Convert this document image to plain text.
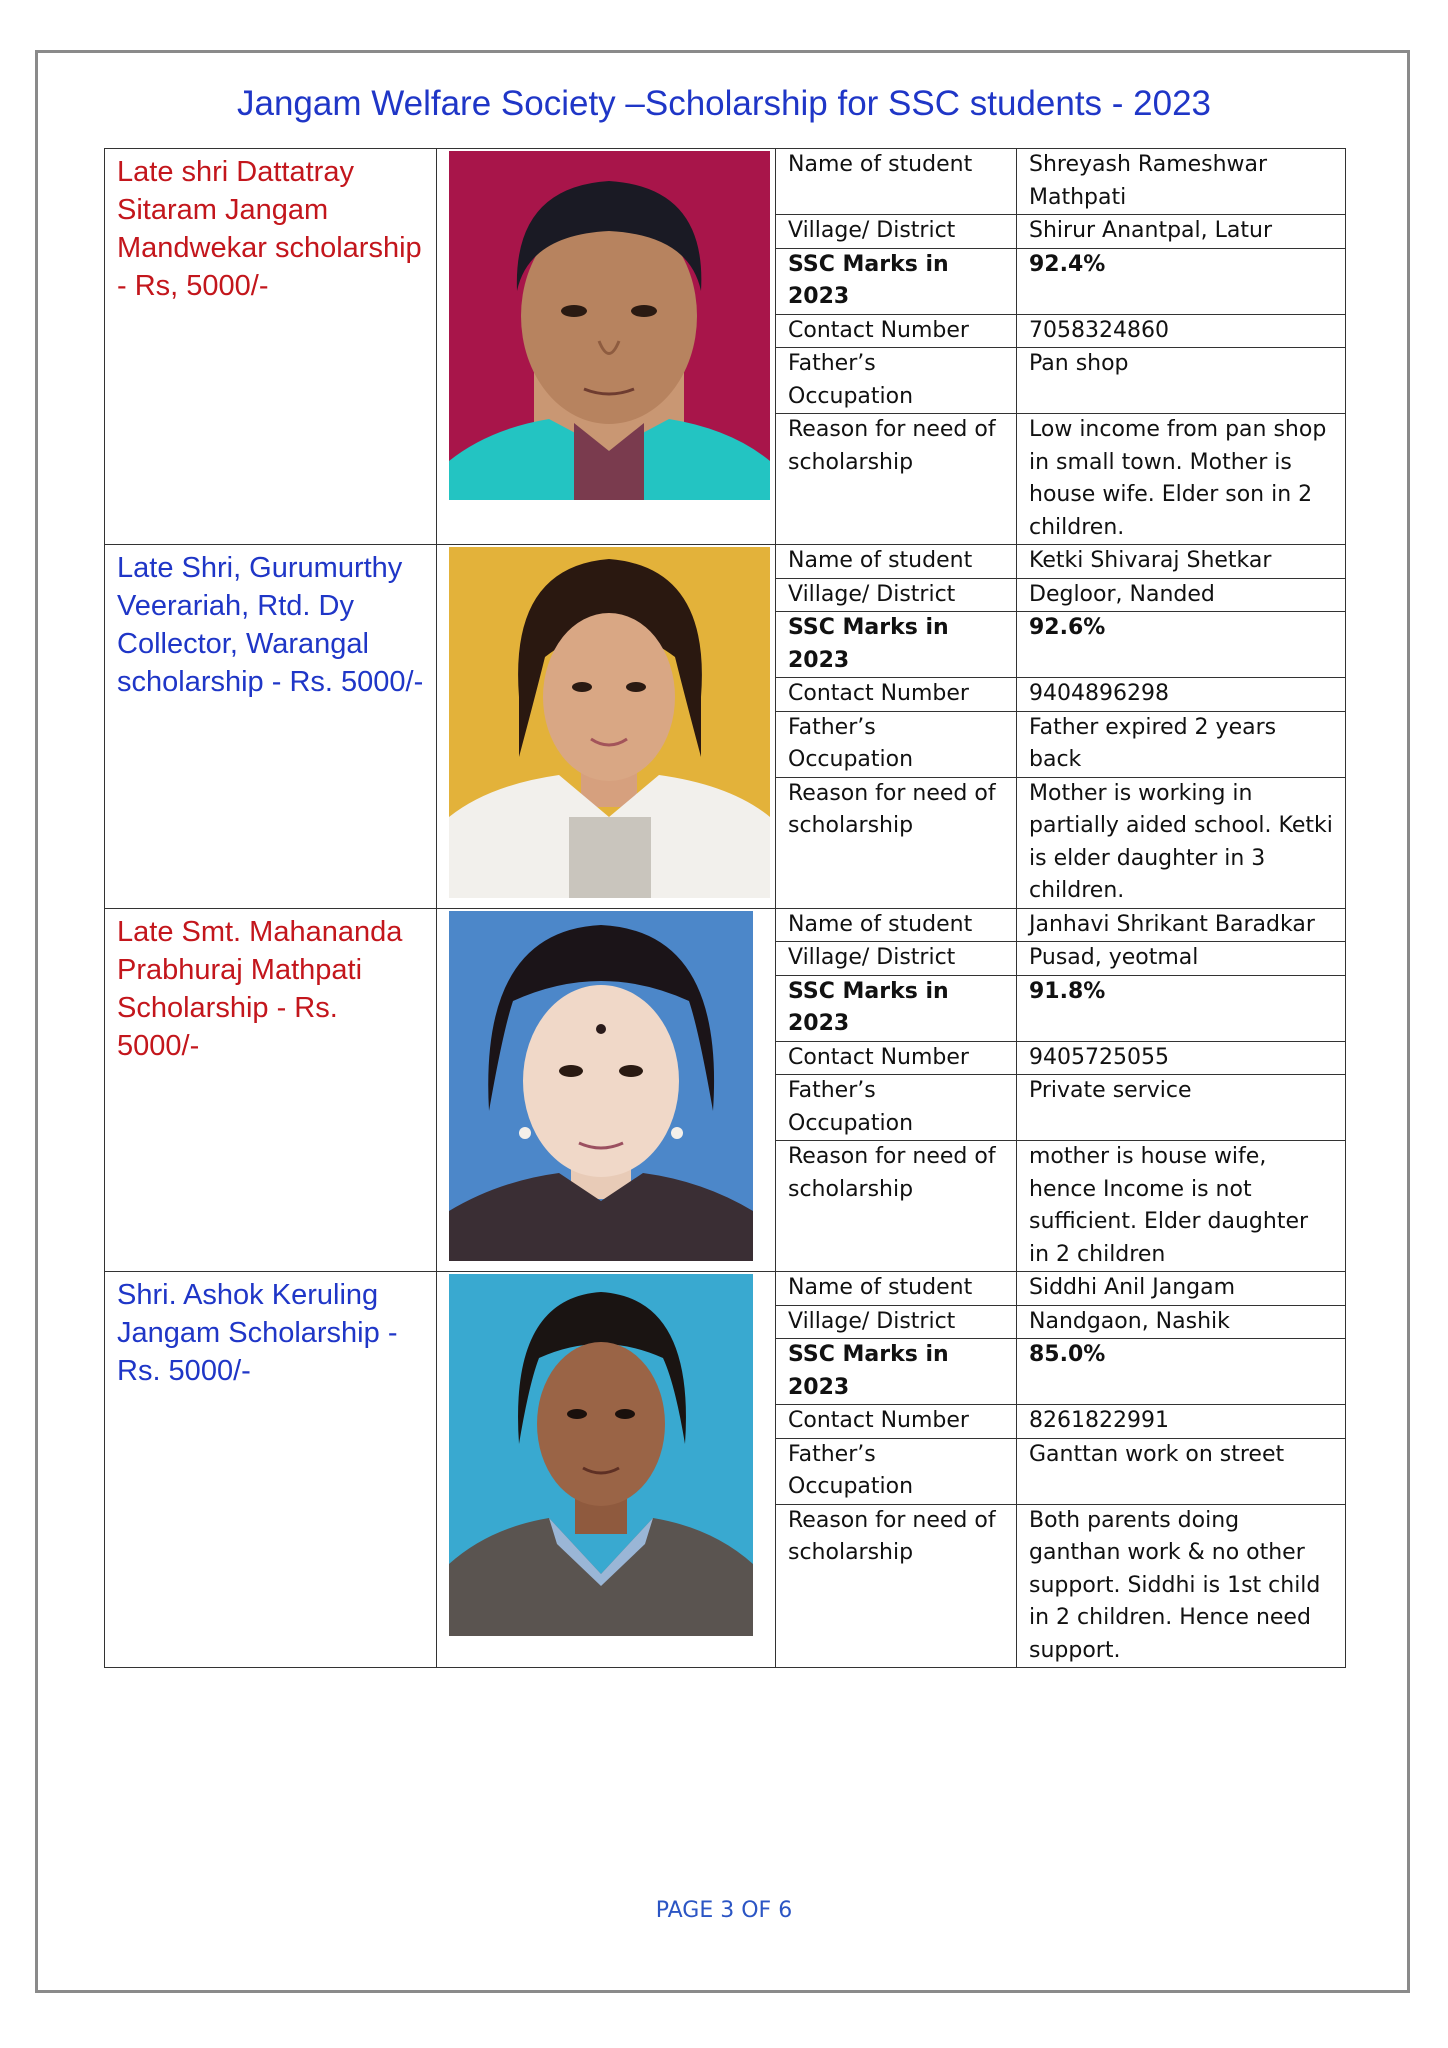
Jangam Welfare Society –Scholarship for SSC students - 2023
Late shri Dattatray Sitaram Jangam Mandwekar scholarship - Rs, 5000/-

Name of student	Shreyash Rameshwar Mathpati
Village/ District	Shirur Anantpal, Latur
SSC Marks in 2023	92.4%
Contact Number	7058324860
Father’s Occupation	Pan shop
Reason for need of scholarship	Low income from pan shop in small town. Mother is house wife. Elder son in 2 children.

Late Shri, Gurumurthy Veerariah, Rtd. Dy Collector, Warangal scholarship - Rs. 5000/-

Name of student	Ketki Shivaraj Shetkar
Village/ District	Degloor, Nanded
SSC Marks in 2023	92.6%
Contact Number	9404896298
Father’s Occupation	Father expired 2 years back
Reason for need of scholarship	Mother is working in partially aided school. Ketki is elder daughter in 3 children.

Late Smt. Mahananda Prabhuraj Mathpati Scholarship - Rs. 5000/-

Name of student	Janhavi Shrikant Baradkar
Village/ District	Pusad, yeotmal
SSC Marks in 2023	91.8%
Contact Number	9405725055
Father’s Occupation	Private service
Reason for need of scholarship	mother is house wife, hence Income is not sufficient. Elder daughter in 2 children

Shri. Ashok Keruling Jangam Scholarship - Rs. 5000/-

Name of student	Siddhi Anil Jangam
Village/ District	Nandgaon, Nashik
SSC Marks in 2023	85.0%
Contact Number	8261822991
Father’s Occupation	Ganttan work on street
Reason for need of scholarship	Both parents doing ganthan work & no other support. Siddhi is 1st child in 2 children. Hence need support.
PAGE 3 OF 6
